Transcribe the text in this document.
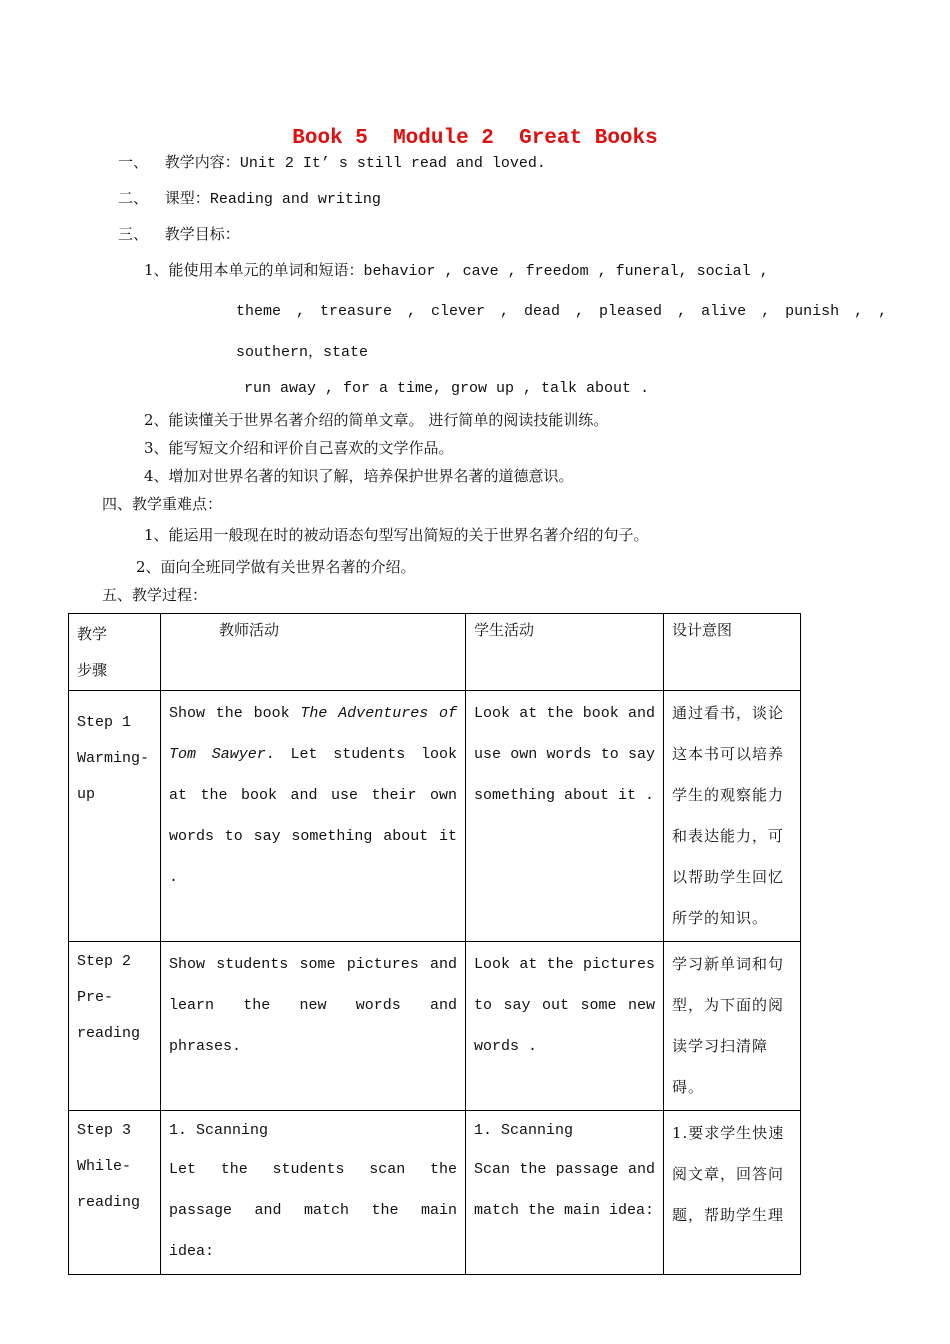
Book 5  Module 2  Great Books
一、 教学内容：Unit 2 It’ s still read and loved.
二、 课型：Reading and writing
三、 教学目标：
1、能使用本单元的单词和短语：behavior , cave , freedom , funeral, social ,
theme , treasure , clever , dead , pleased , alive , punish , ,
southern，state
run away , for a time, grow up , talk about .
2、能读懂关于世界名著介绍的简单文章。 进行简单的阅读技能训练。
3、能写短文介绍和评价自己喜欢的文学作品。
4、增加对世界名著的知识了解，培养保护世界名著的道德意识。
四、教学重难点：
1、能运用一般现在时的被动语态句型写出简短的关于世界名著介绍的句子。
2、面向全班同学做有关世界名著的介绍。
五、教学过程：
教学
步骤	教师活动	学生活动	设计意图

Step 1
Warming-
up	Show the book The Adventures of Tom Sawyer. Let students look at the book and use their own words to say something about it .	Look at the book and use own words to say something about it .	通过看书，谈论这本书可以培养学生的观察能力和表达能力，可以帮助学生回忆所学的知识。

Step 2
Pre-
reading	Show students some pictures and learn the new words and phrases.	Look at the pictures to say out some new words .	学习新单词和句型，为下面的阅读学习扫清障碍。

Step 3
While-
reading	1. Scanning
Let the students scan the passage and match the main idea:	1. Scanning
Scan the passage and match the main idea:	1.要求学生快速阅文章，回答问题，帮助学生理
